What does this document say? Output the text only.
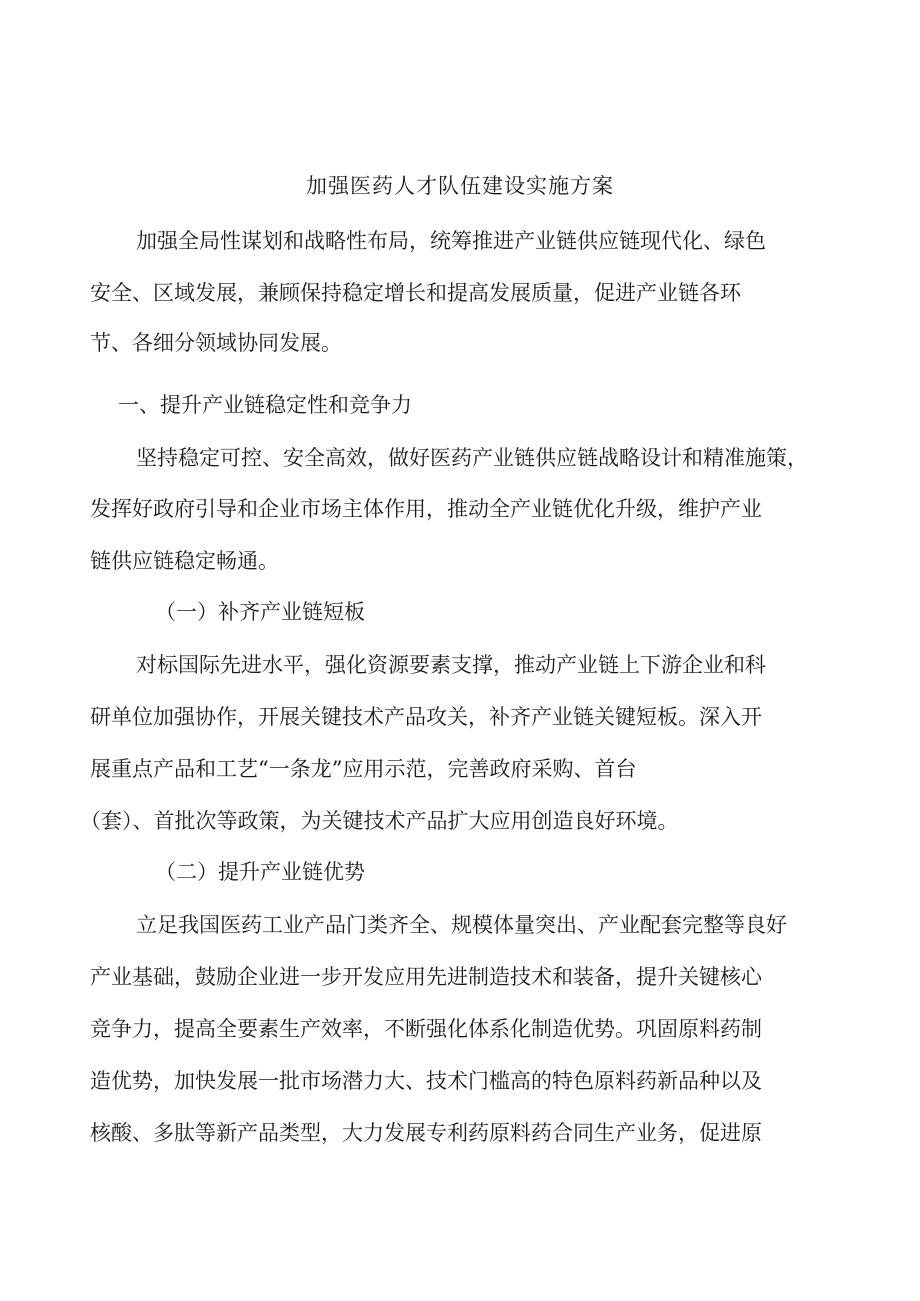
加强医药人才队伍建设实施方案

加强全局性谋划和战略性布局，统筹推进产业链供应链现代化、绿色

安全、区域发展，兼顾保持稳定增长和提高发展质量，促进产业链各环

节、各细分领域协同发展。

一、提升产业链稳定性和竞争力

坚持稳定可控、安全高效，做好医药产业链供应链战略设计和精准施策，

发挥好政府引导和企业市场主体作用，推动全产业链优化升级，维护产业

链供应链稳定畅通。

（一）补齐产业链短板

对标国际先进水平，强化资源要素支撑，推动产业链上下游企业和科

研单位加强协作，开展关键技术产品攻关，补齐产业链关键短板。深入开

展重点产品和工艺“一条龙”应用示范，完善政府采购、首台

（套）、首批次等政策，为关键技术产品扩大应用创造良好环境。

（二）提升产业链优势

立足我国医药工业产品门类齐全、规模体量突出、产业配套完整等良好

产业基础，鼓励企业进一步开发应用先进制造技术和装备，提升关键核心

竞争力，提高全要素生产效率，不断强化体系化制造优势。巩固原料药制

造优势，加快发展一批市场潜力大、技术门槛高的特色原料药新品种以及

核酸、多肽等新产品类型，大力发展专利药原料药合同生产业务，促进原
